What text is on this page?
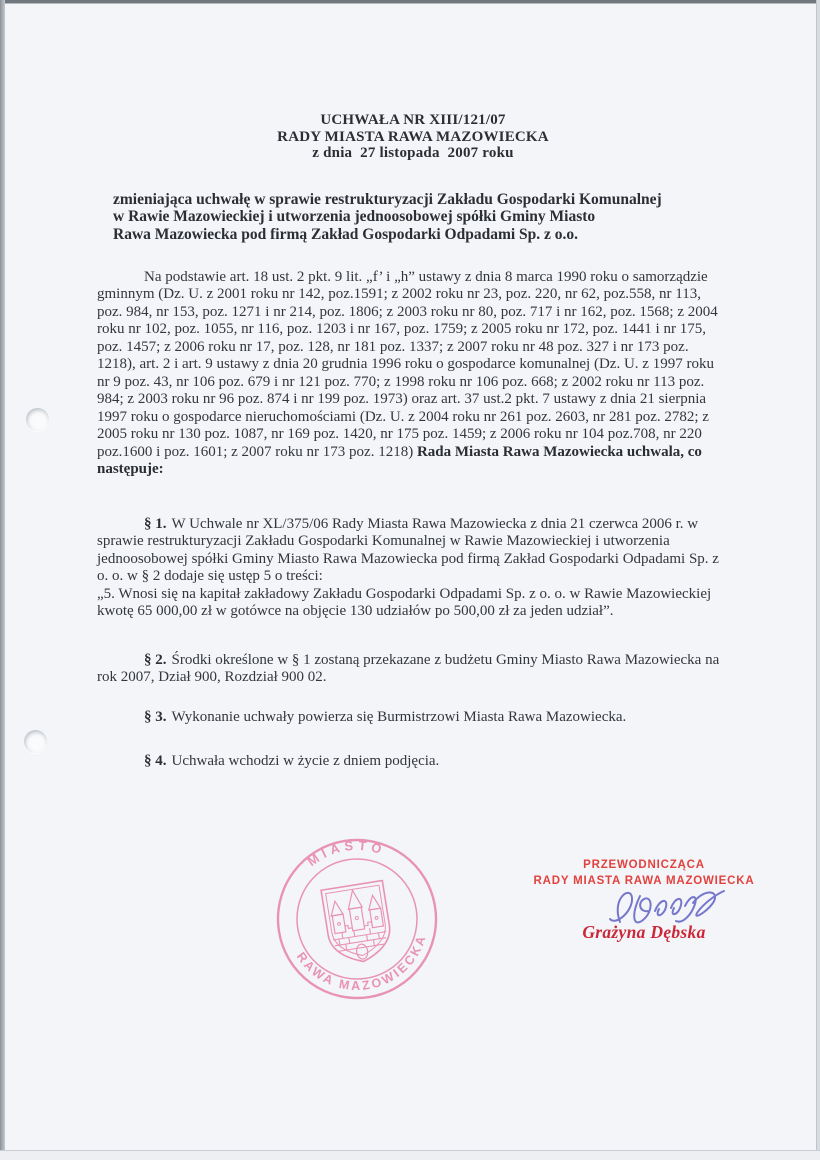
UCHWAŁA NR XIII/121/07
RADY MIASTA RAWA MAZOWIECKA
z dnia  27 listopada  2007 roku
zmieniająca uchwałę w sprawie restrukturyzacji Zakładu Gospodarki Komunalnej
w Rawie Mazowieckiej i utworzenia jednoosobowej spółki Gminy Miasto
Rawa Mazowiecka pod firmą Zakład Gospodarki Odpadami Sp. z o.o.

Na podstawie art. 18 ust. 2 pkt. 9 lit. „f’ i „h” ustawy z dnia 8 marca 1990 roku o samorządzie gminnym (Dz. U. z 2001 roku nr 142, poz.1591; z 2002 roku nr 23, poz. 220, nr 62, poz.558, nr 113, poz. 984, nr 153, poz. 1271 i nr 214, poz. 1806; z 2003 roku nr 80, poz. 717 i nr 162, poz. 1568; z 2004 roku nr 102, poz. 1055, nr 116, poz. 1203 i nr 167, poz. 1759; z 2005 roku nr 172, poz. 1441 i nr 175, poz. 1457; z 2006 roku nr 17, poz. 128, nr 181 poz. 1337; z 2007 roku nr 48 poz. 327 i nr 173 poz. 1218), art. 2 i art. 9 ustawy z dnia 20 grudnia 1996 roku o gospodarce komunalnej (Dz. U. z 1997 roku nr 9 poz. 43, nr 106 poz. 679 i nr 121 poz. 770; z 1998 roku nr 106 poz. 668; z 2002 roku nr 113 poz. 984; z 2003 roku nr 96 poz. 874 i nr 199 poz. 1973) oraz art. 37 ust.2 pkt. 7 ustawy z dnia 21 sierpnia 1997 roku o gospodarce nieruchomościami (Dz. U. z 2004 roku nr 261 poz. 2603, nr 281 poz. 2782; z 2005 roku nr 130 poz. 1087, nr 169 poz. 1420, nr 175 poz. 1459; z 2006 roku nr 104 poz.708, nr 220 poz.1600 i poz. 1601; z 2007 roku nr 173 poz. 1218) Rada Miasta Rawa Mazowiecka uchwala, co następuje:

§ 1. W Uchwale nr XL/375/06 Rady Miasta Rawa Mazowiecka z dnia 21 czerwca 2006 r. w sprawie restrukturyzacji Zakładu Gospodarki Komunalnej w Rawie Mazowieckiej i utworzenia jednoosobowej spółki Gminy Miasto Rawa Mazowiecka pod firmą Zakład Gospodarki Odpadami Sp. z o. o. w § 2 dodaje się ustęp 5 o treści:

„5. Wnosi się na kapitał zakładowy Zakładu Gospodarki Odpadami Sp. z o. o. w Rawie Mazowieckiej kwotę 65 000,00 zł w gotówce na objęcie 130 udziałów po 500,00 zł za jeden udział”.

§ 2. Środki określone w § 1 zostaną przekazane z budżetu Gminy Miasto Rawa Mazowiecka na rok 2007, Dział 900, Rozdział 900 02.

§ 3. Wykonanie uchwały powierza się Burmistrzowi Miasta Rawa Mazowiecka.

§ 4. Uchwała wchodzi w życie z dniem podjęcia.

MIASTO
RAWA MAZOWIECKA
PRZEWODNICZĄCA
RADY MIASTA RAWA MAZOWIECKA
Grażyna Dębska
